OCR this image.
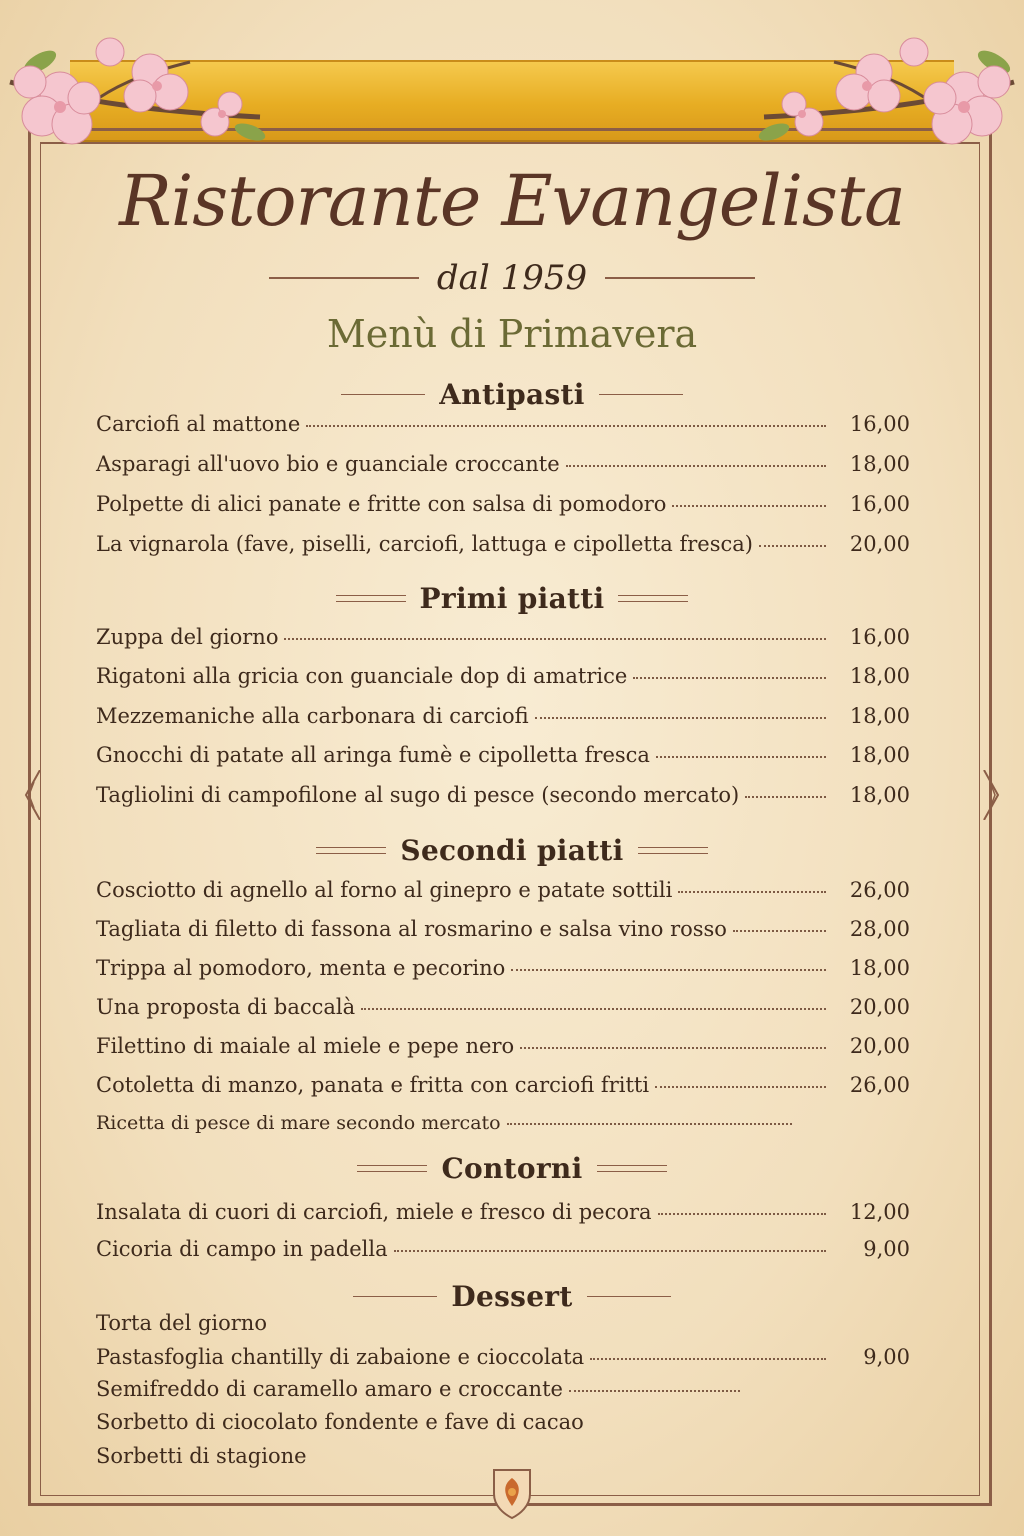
Ristorante Evangelista
dal 1959
Menù di Primavera
Antipasti
Carciofi al mattone	16,00
Asparagi all'uovo bio e guanciale croccante	18,00
Polpette di alici panate e fritte con salsa di pomodoro	16,00
La vignarola (fave, piselli, carciofi, lattuga e cipolletta fresca)	20,00
Primi piatti
Zuppa del giorno	16,00
Rigatoni alla gricia con guanciale dop di amatrice	18,00
Mezzemaniche alla carbonara di carciofi	18,00
Gnocchi di patate all aringa fumè e cipolletta fresca	18,00
Tagliolini di campofilone al sugo di pesce (secondo mercato)	18,00
Secondi piatti
Cosciotto di agnello al forno al ginepro e patate sottili	26,00
Tagliata di filetto di fassona al rosmarino e salsa vino rosso	28,00
Trippa al pomodoro, menta e pecorino	18,00
Una proposta di baccalà	20,00
Filettino di maiale al miele e pepe nero	20,00
Cotoletta di manzo, panata e fritta con carciofi fritti	26,00
Ricetta di pesce di mare secondo mercato
Contorni
Insalata di cuori di carciofi, miele e fresco di pecora	12,00
Cicoria di campo in padella	9,00
Dessert
Torta del giorno
Pastasfoglia chantilly di zabaione e cioccolata	9,00
Semifreddo di caramello amaro e croccante
Sorbetto di ciocolato fondente e fave di cacao
Sorbetti di stagione
